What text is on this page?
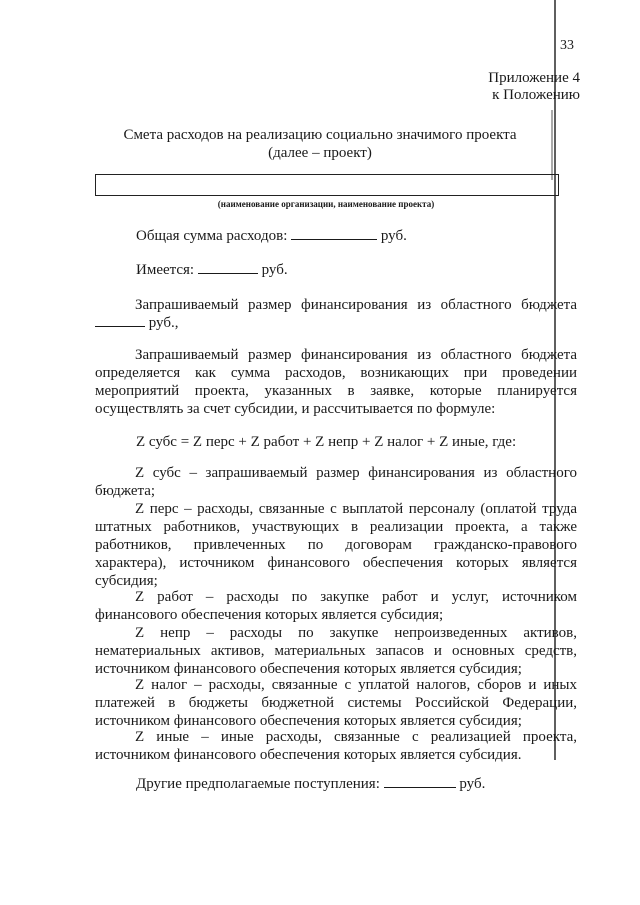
33
Приложение 4
к Положению
Смета расходов на реализацию социально значимого проекта
(далее – проект)
(наименование организации, наименование проекта)
Общая сумма расходов:	руб.
Имеется:	руб.
Запрашиваемый размер финансирования из областного бюджета  руб.,
Запрашиваемый размер финансирования из областного бюджета определяется как сумма расходов, возникающих при проведении мероприятий проекта, указанных в заявке, которые планируется осуществлять за счет субсидии, и рассчитывается по формуле:
Z субс = Z перс + Z работ + Z непр + Z налог + Z иные, где:
Z субс – запрашиваемый размер финансирования из областного бюджета;
Z перс – расходы, связанные с выплатой персоналу (оплатой труда штатных работников, участвующих в реализации проекта, а также работников, привлеченных по договорам гражданско-правового характера), источником финансового обеспечения которых является субсидия;
Z работ – расходы по закупке работ и услуг, источником финансового обеспечения которых является субсидия;
Z непр – расходы по закупке непроизведенных активов, нематериальных активов, материальных запасов и основных средств, источником финансового обеспечения которых является субсидия;
Z налог – расходы, связанные с уплатой налогов, сборов и иных платежей в бюджеты бюджетной системы Российской Федерации, источником финансового обеспечения которых является субсидия;
Z иные – иные расходы, связанные с реализацией проекта, источником финансового обеспечения которых является субсидия.
Другие предполагаемые поступления:	руб.
